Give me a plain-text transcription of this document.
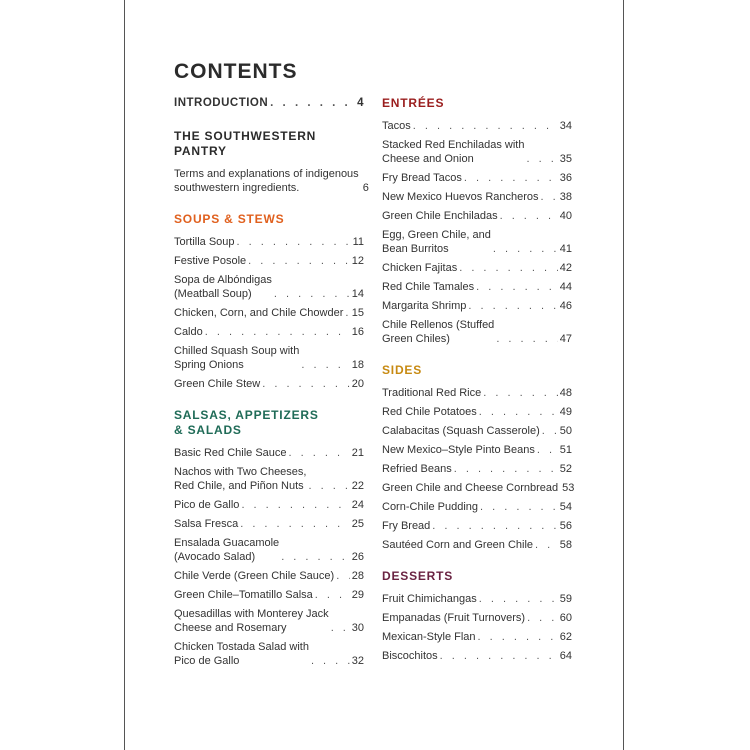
CONTENTS
INTRODUCTION . . .	4
THE SOUTHWESTERN PANTRY
Terms and explanations of indigenous
southwestern ingredients.	6
SOUPS & STEWS
Tortilla Soup . . .	11
Festive Posole . . .	12
Sopa de Albóndigas
(Meatball Soup) . . .	14
Chicken, Corn, and Chile Chowder . . . 15
Caldo . . .	16
Chilled Squash Soup with
Spring Onions . . .	18
Green Chile Stew . . .	20
SALSAS, APPETIZERS
& SALADS
Basic Red Chile Sauce . . .	21
Nachos with Two Cheeses,
Red Chile, and Piñon Nuts . . .	22
Pico de Gallo . . .	24
Salsa Fresca . . .	25
Ensalada Guacamole
(Avocado Salad) . . .	26
Chile Verde (Green Chile Sauce) . . . 28
Green Chile–Tomatillo Salsa . . .	29
Quesadillas with Monterey Jack
Cheese and Rosemary . . .	30
Chicken Tostada Salad with
Pico de Gallo . . .	32
ENTRÉES
Tacos . . .	34
Stacked Red Enchiladas with
Cheese and Onion . . .	35
Fry Bread Tacos . . .	36
New Mexico Huevos Rancheros . . . 38
Green Chile Enchiladas . . .	40
Egg, Green Chile, and
Bean Burritos . . .	41
Chicken Fajitas . . .	42
Red Chile Tamales . . .	44
Margarita Shrimp . . .	46
Chile Rellenos (Stuffed
Green Chiles) . . .	47
SIDES
Traditional Red Rice . . .	48
Red Chile Potatoes . . .	49
Calabacitas (Squash Casserole) . . . 50
New Mexico–Style Pinto Beans . . . 51
Refried Beans . . .	52
Green Chile and Cheese Cornbread 53
Corn-Chile Pudding . . .	54
Fry Bread . . .	56
Sautéed Corn and Green Chile . . . 58
DESSERTS
Fruit Chimichangas . . .	59
Empanadas (Fruit Turnovers) . . .	60
Mexican-Style Flan . . .	62
Biscochitos . . .	64
